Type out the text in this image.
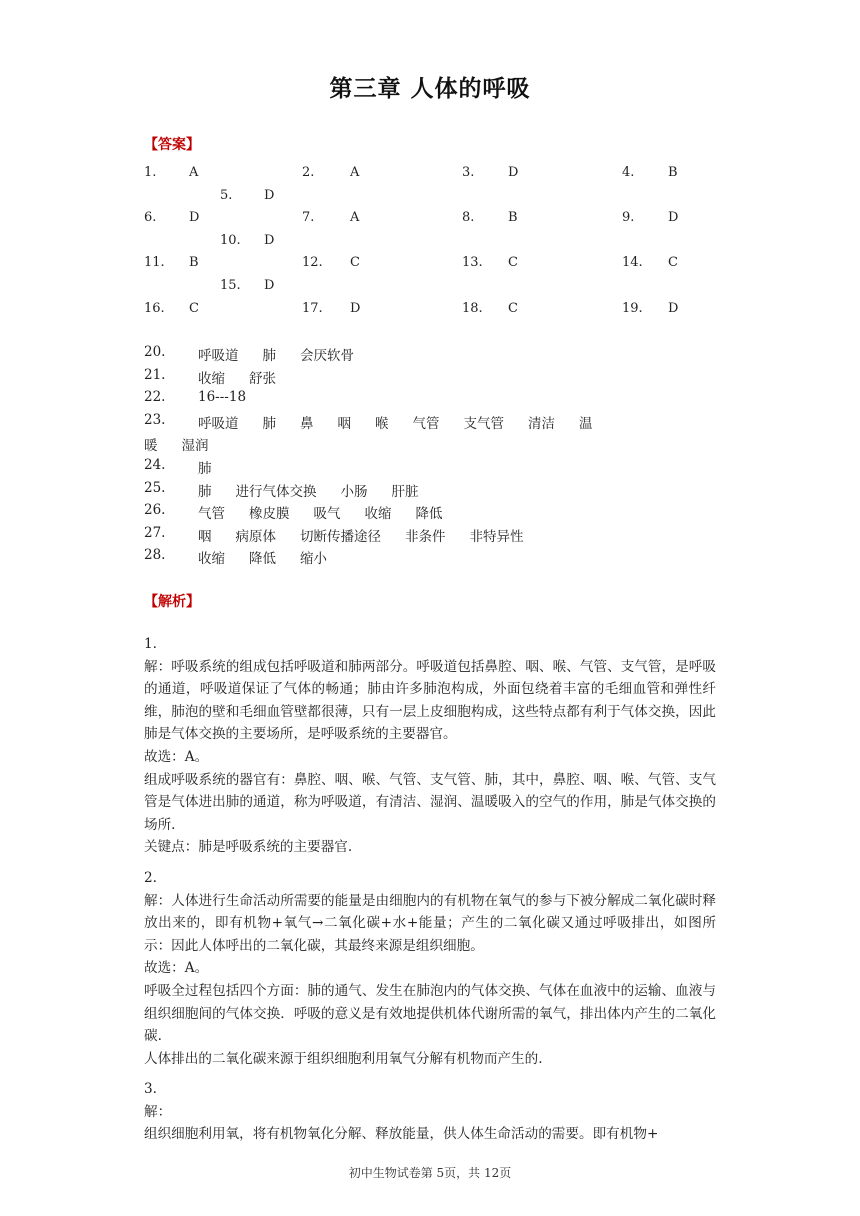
第三章 人体的呼吸
【答案】
1.	A	2.	A	3.	D	4.	B
5. D
6.	D	7.	A	8.	B	9.	D
10. D
11. B	12. C	13. C	14. C
15. D
16. C	17. D	18. C	19. D
20. 呼吸道 肺 会厌软骨
21. 收缩 舒张
22. 16---18
23. 呼吸道 肺 鼻 咽 喉 气管 支气管 清洁 温
暖 湿润
24. 肺
25. 肺 进行气体交换 小肠 肝脏
26. 气管 橡皮膜 吸气 收缩 降低
27. 咽 病原体 切断传播途径 非条件 非特异性
28. 收缩 降低 缩小
【解析】

1.

解：呼吸系统的组成包括呼吸道和肺两部分。呼吸道包括鼻腔、咽、喉、气管、支气管，是呼吸的通道，呼吸道保证了气体的畅通；肺由许多肺泡构成，外面包绕着丰富的毛细血管和弹性纤维，肺泡的壁和毛细血管壁都很薄，只有一层上皮细胞构成，这些特点都有利于气体交换，因此肺是气体交换的主要场所，是呼吸系统的主要器官。

故选：A。

组成呼吸系统的器官有：鼻腔、咽、喉、气管、支气管、肺，其中，鼻腔、咽、喉、气管、支气管是气体进出肺的通道，称为呼吸道，有清洁、湿润、温暖吸入的空气的作用，肺是气体交换的场所.

关键点：肺是呼吸系统的主要器官.

2.

解：人体进行生命活动所需要的能量是由细胞内的有机物在氧气的参与下被分解成二氧化碳时释放出来的，即有机物+氧气→二氧化碳+水+能量；产生的二氧化碳又通过呼吸排出，如图所示：因此人体呼出的二氧化碳，其最终来源是组织细胞。

故选：A。

呼吸全过程包括四个方面：肺的通气、发生在肺泡内的气体交换、气体在血液中的运输、血液与组织细胞间的气体交换．呼吸的意义是有效地提供机体代谢所需的氧气，排出体内产生的二氧化碳.

人体排出的二氧化碳来源于组织细胞利用氧气分解有机物而产生的.

3.

解：

组织细胞利用氧，将有机物氧化分解、释放能量，供人体生命活动的需要。即有机物+

初中生物试卷第 5页，共 12页
